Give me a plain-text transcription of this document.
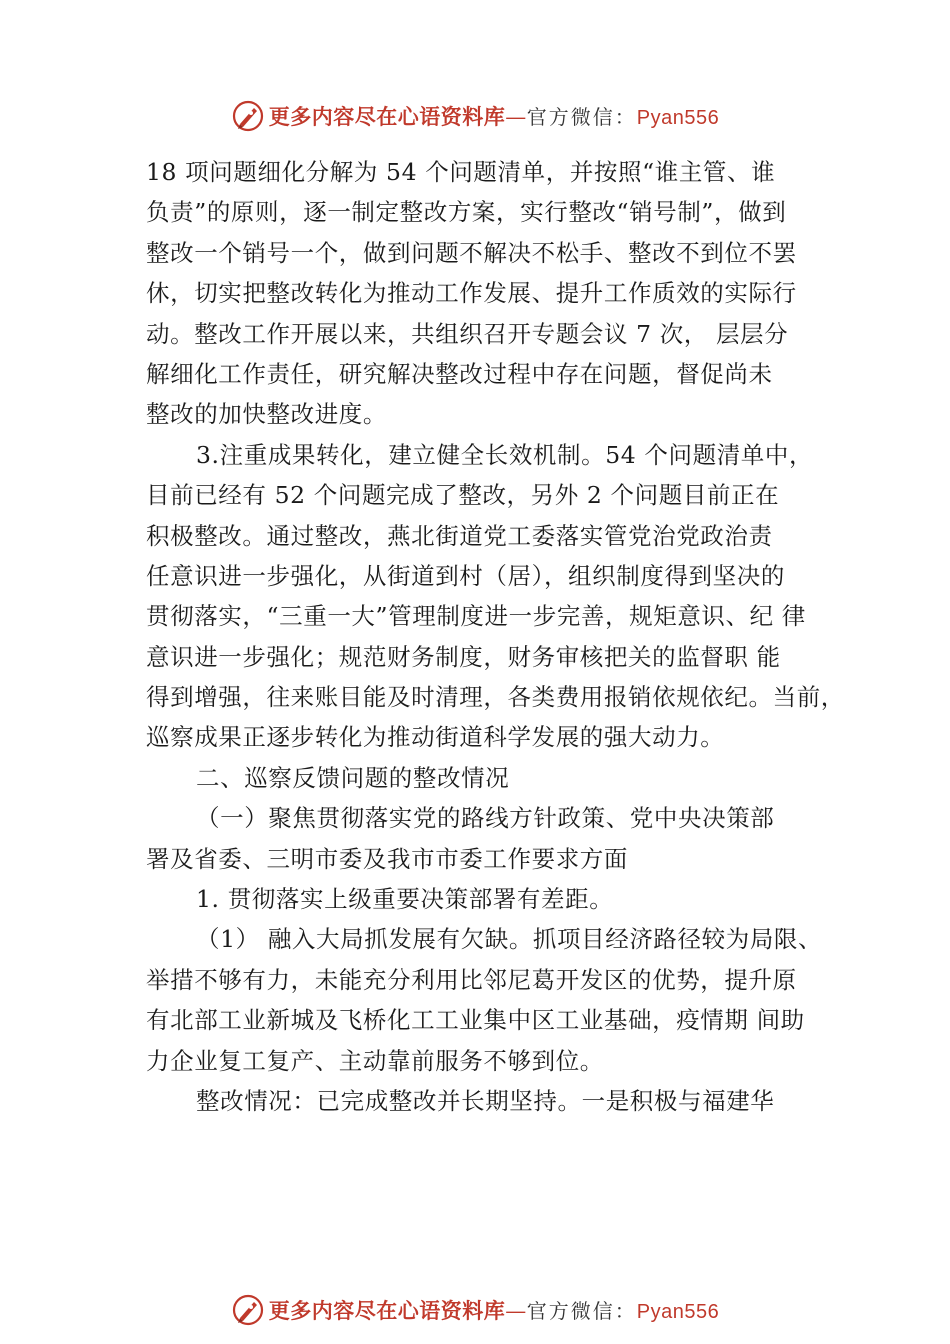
更多内容尽在心语资料库—官方微信：Pyan556
18 项问题细化分解为 54 个问题清单，并按照“谁主管、谁
负责”的原则，逐一制定整改方案，实行整改“销号制”，做到
整改一个销号一个，做到问题不解决不松手、整改不到位不罢
休，切实把整改转化为推动工作发展、提升工作质效的实际行
动。整改工作开展以来，共组织召开专题会议 7 次， 层层分
解细化工作责任，研究解决整改过程中存在问题，督促尚未
整改的加快整改进度。
3.注重成果转化，建立健全长效机制。54 个问题清单中，
目前已经有 52 个问题完成了整改，另外 2 个问题目前正在
积极整改。通过整改，燕北街道党工委落实管党治党政治责
任意识进一步强化，从街道到村（居），组织制度得到坚决的
贯彻落实，“三重一大”管理制度进一步完善，规矩意识、纪 律
意识进一步强化；规范财务制度，财务审核把关的监督职 能
得到增强，往来账目能及时清理，各类费用报销依规依纪。当前，
巡察成果正逐步转化为推动街道科学发展的强大动力。
二、巡察反馈问题的整改情况
（一）聚焦贯彻落实党的路线方针政策、党中央决策部
署及省委、三明市委及我市市委工作要求方面
1. 贯彻落实上级重要决策部署有差距。
（1） 融入大局抓发展有欠缺。抓项目经济路径较为局限、
举措不够有力，未能充分利用比邻尼葛开发区的优势，提升原
有北部工业新城及飞桥化工工业集中区工业基础，疫情期 间助
力企业复工复产、主动靠前服务不够到位。
整改情况：已完成整改并长期坚持。一是积极与福建华
更多内容尽在心语资料库—官方微信：Pyan556
